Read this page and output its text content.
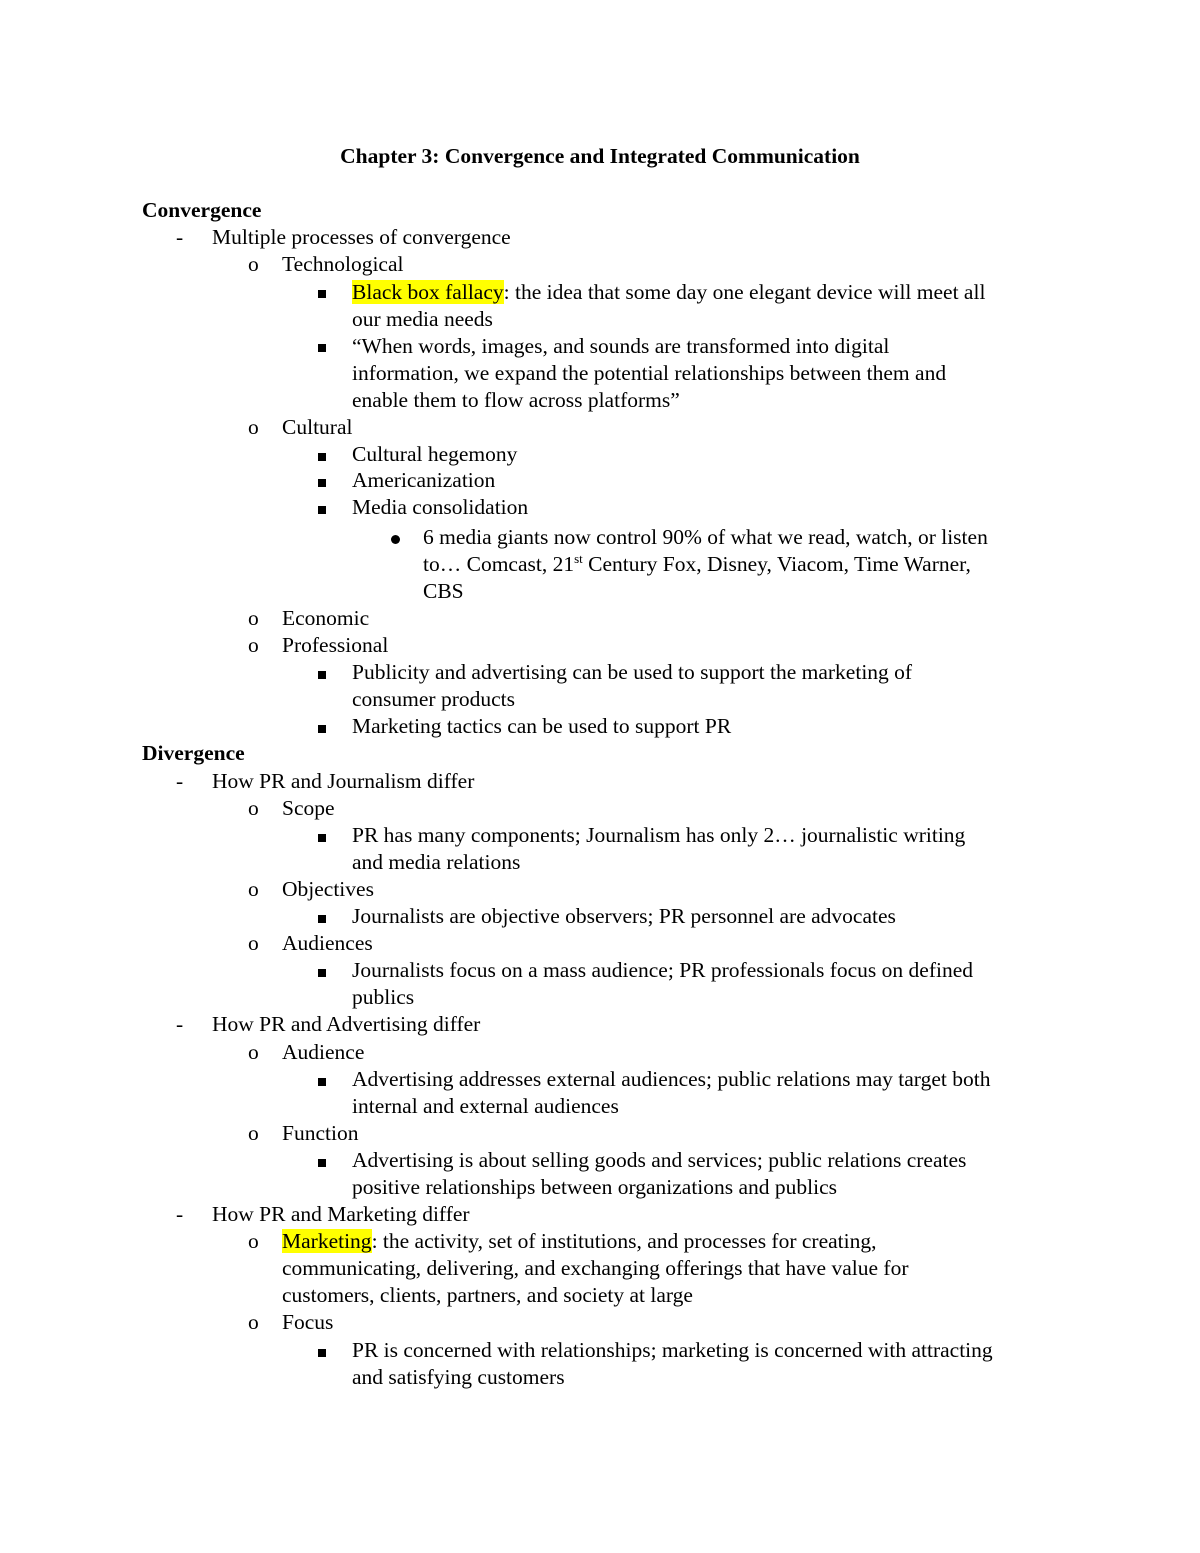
Chapter 3: Convergence and Integrated Communication
Convergence
- Multiple processes of convergence
o Technological
Black box fallacy: the idea that some day one elegant device will meet all
our media needs
“When words, images, and sounds are transformed into digital
information, we expand the potential relationships between them and
enable them to flow across platforms”
o Cultural
Cultural hegemony
Americanization
Media consolidation
6 media giants now control 90% of what we read, watch, or listen
to… Comcast, 21st Century Fox, Disney, Viacom, Time Warner,
CBS
o Economic
o Professional
Publicity and advertising can be used to support the marketing of
consumer products
Marketing tactics can be used to support PR
Divergence
- How PR and Journalism differ
o Scope
PR has many components; Journalism has only 2… journalistic writing
and media relations
o Objectives
Journalists are objective observers; PR personnel are advocates
o Audiences
Journalists focus on a mass audience; PR professionals focus on defined
publics
- How PR and Advertising differ
o Audience
Advertising addresses external audiences; public relations may target both
internal and external audiences
o Function
Advertising is about selling goods and services; public relations creates
positive relationships between organizations and publics
- How PR and Marketing differ
o Marketing: the activity, set of institutions, and processes for creating,
communicating, delivering, and exchanging offerings that have value for
customers, clients, partners, and society at large
o Focus
PR is concerned with relationships; marketing is concerned with attracting
and satisfying customers
